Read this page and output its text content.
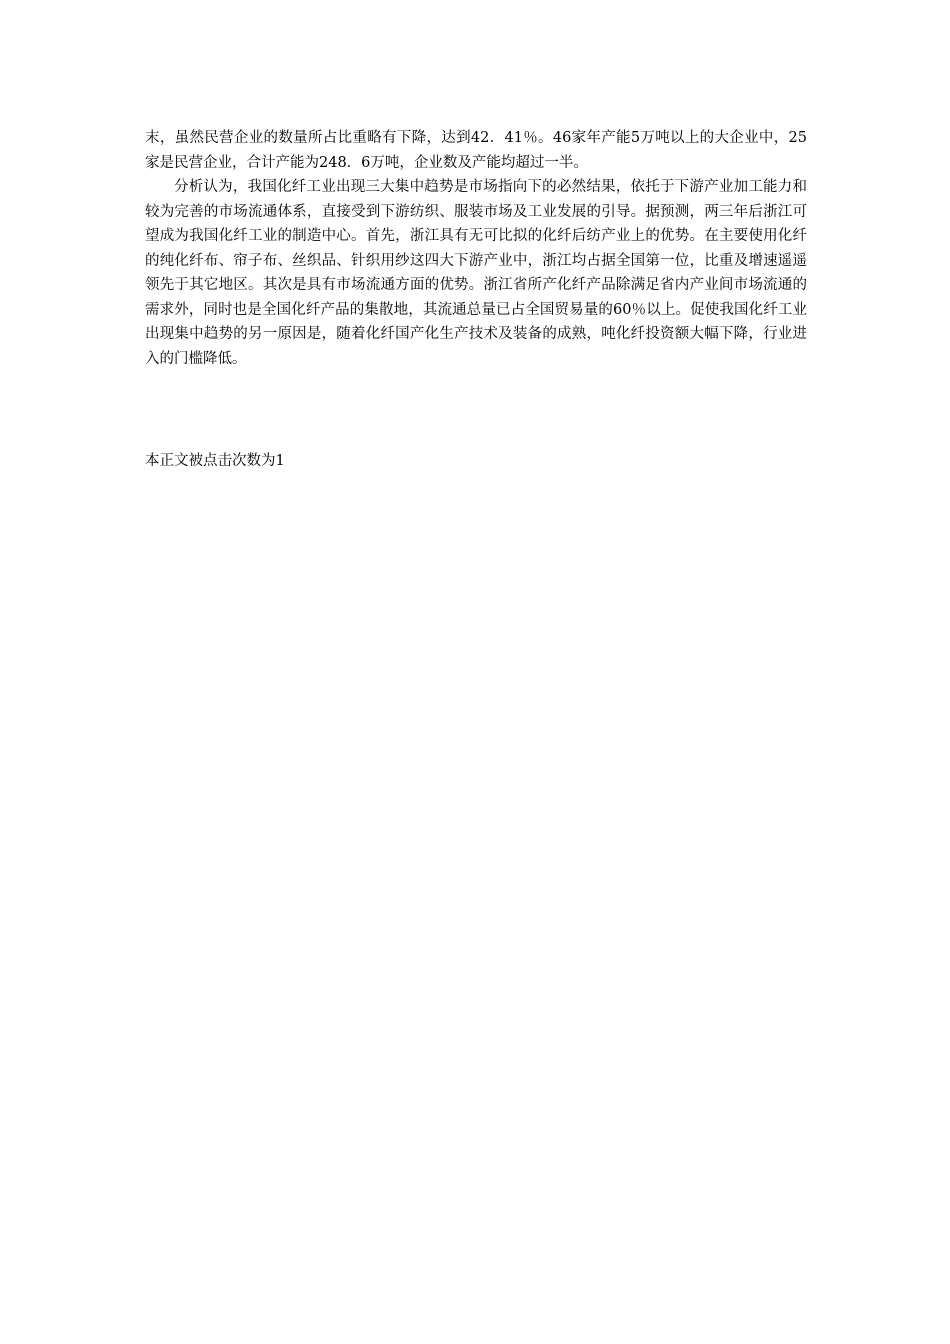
末，虽然民营企业的数量所占比重略有下降，达到42．41％。46家年产能5万吨以上的大企业中，25家是民营企业，合计产能为248．6万吨，企业数及产能均超过一半。

分析认为，我国化纤工业出现三大集中趋势是市场指向下的必然结果，依托于下游产业加工能力和较为完善的市场流通体系，直接受到下游纺织、服装市场及工业发展的引导。据预测，两三年后浙江可望成为我国化纤工业的制造中心。首先，浙江具有无可比拟的化纤后纺产业上的优势。在主要使用化纤的纯化纤布、帘子布、丝织品、针织用纱这四大下游产业中，浙江均占据全国第一位，比重及增速遥遥领先于其它地区。其次是具有市场流通方面的优势。浙江省所产化纤产品除满足省内产业间市场流通的需求外，同时也是全国化纤产品的集散地，其流通总量已占全国贸易量的60％以上。促使我国化纤工业出现集中趋势的另一原因是，随着化纤国产化生产技术及装备的成熟，吨化纤投资额大幅下降，行业进入的门槛降低。

本正文被点击次数为1
